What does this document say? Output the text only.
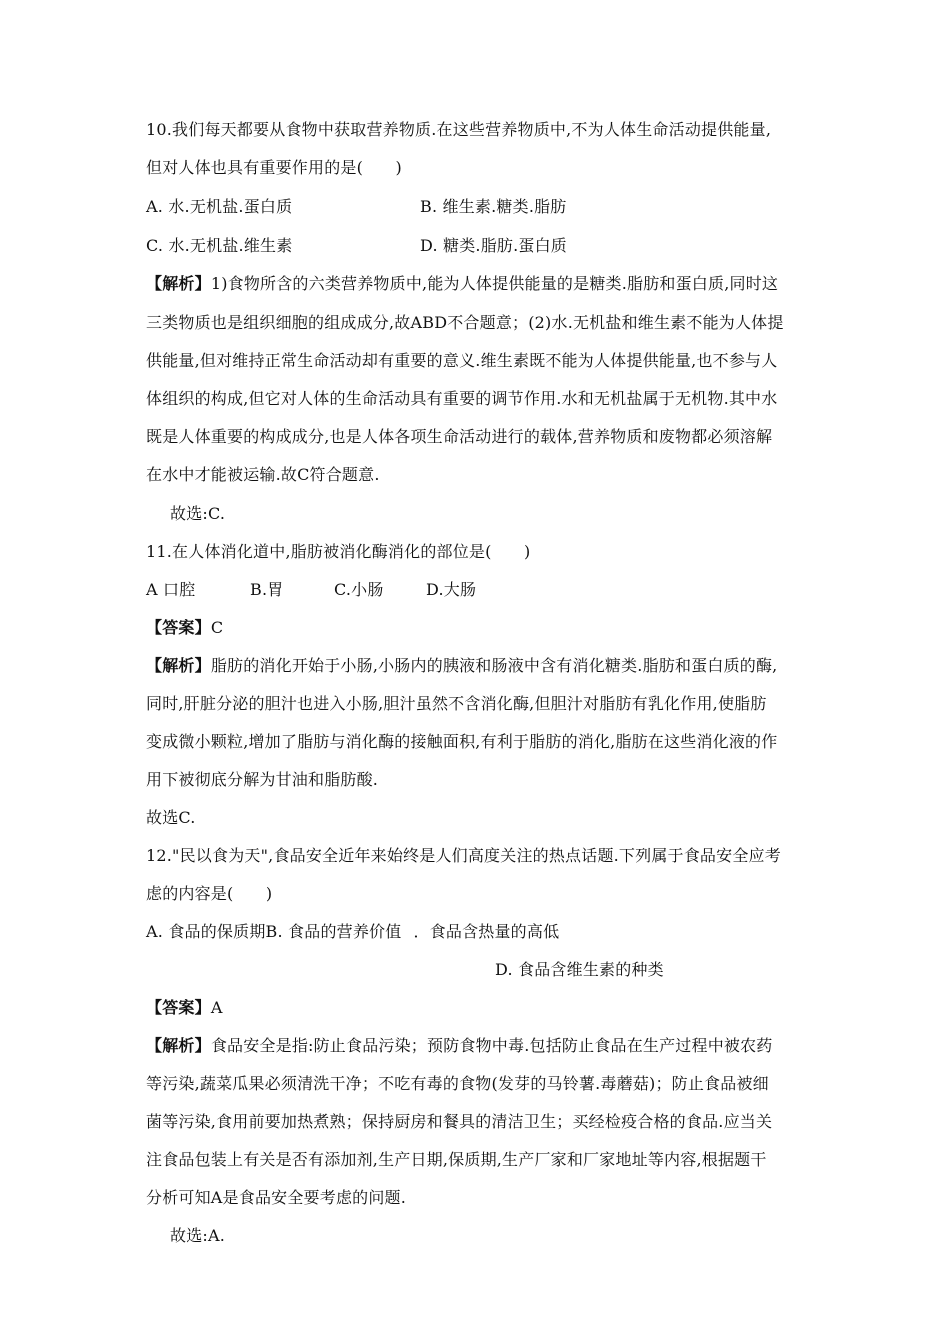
10.我们每天都要从食物中获取营养物质.在这些营养物质中,不为人体生命活动提供能量,
但对人体也具有重要作用的是(　　)
A. 水.无机盐.蛋白质	B. 维生素.糖类.脂肪
C. 水.无机盐.维生素	D. 糖类.脂肪.蛋白质
【解析】1)食物所含的六类营养物质中,能为人体提供能量的是糖类.脂肪和蛋白质,同时这
三类物质也是组织细胞的组成成分,故ABD不合题意；(2)水.无机盐和维生素不能为人体提
供能量,但对维持正常生命活动却有重要的意义.维生素既不能为人体提供能量,也不参与人
体组织的构成,但它对人体的生命活动具有重要的调节作用.水和无机盐属于无机物.其中水
既是人体重要的构成成分,也是人体各项生命活动进行的载体,营养物质和废物都必须溶解
在水中才能被运输.故C符合题意.
故选:C.
11.在人体消化道中,脂肪被消化酶消化的部位是(　　)
A 口腔	B.胃	C.小肠	D.大肠
【答案】C
【解析】脂肪的消化开始于小肠,小肠内的胰液和肠液中含有消化糖类.脂肪和蛋白质的酶,
同时,肝脏分泌的胆汁也进入小肠,胆汁虽然不含消化酶,但胆汁对脂肪有乳化作用,使脂肪
变成微小颗粒,增加了脂肪与消化酶的接触面积,有利于脂肪的消化,脂肪在这些消化液的作
用下被彻底分解为甘油和脂肪酸.
故选C.
12."民以食为天",食品安全近年来始终是人们高度关注的热点话题.下列属于食品安全应考
虑的内容是(　　)
A. 食品的保质期B. 食品的营养价值 ．食品含热量的高低
D. 食品含维生素的种类
【答案】A
【解析】食品安全是指:防止食品污染；预防食物中毒.包括防止食品在生产过程中被农药
等污染,蔬菜瓜果必须清洗干净；不吃有毒的食物(发芽的马铃薯.毒蘑菇)；防止食品被细
菌等污染,食用前要加热煮熟；保持厨房和餐具的清洁卫生；买经检疫合格的食品.应当关
注食品包装上有关是否有添加剂,生产日期,保质期,生产厂家和厂家地址等内容,根据题干
分析可知A是食品安全要考虑的问题.
故选:A.
